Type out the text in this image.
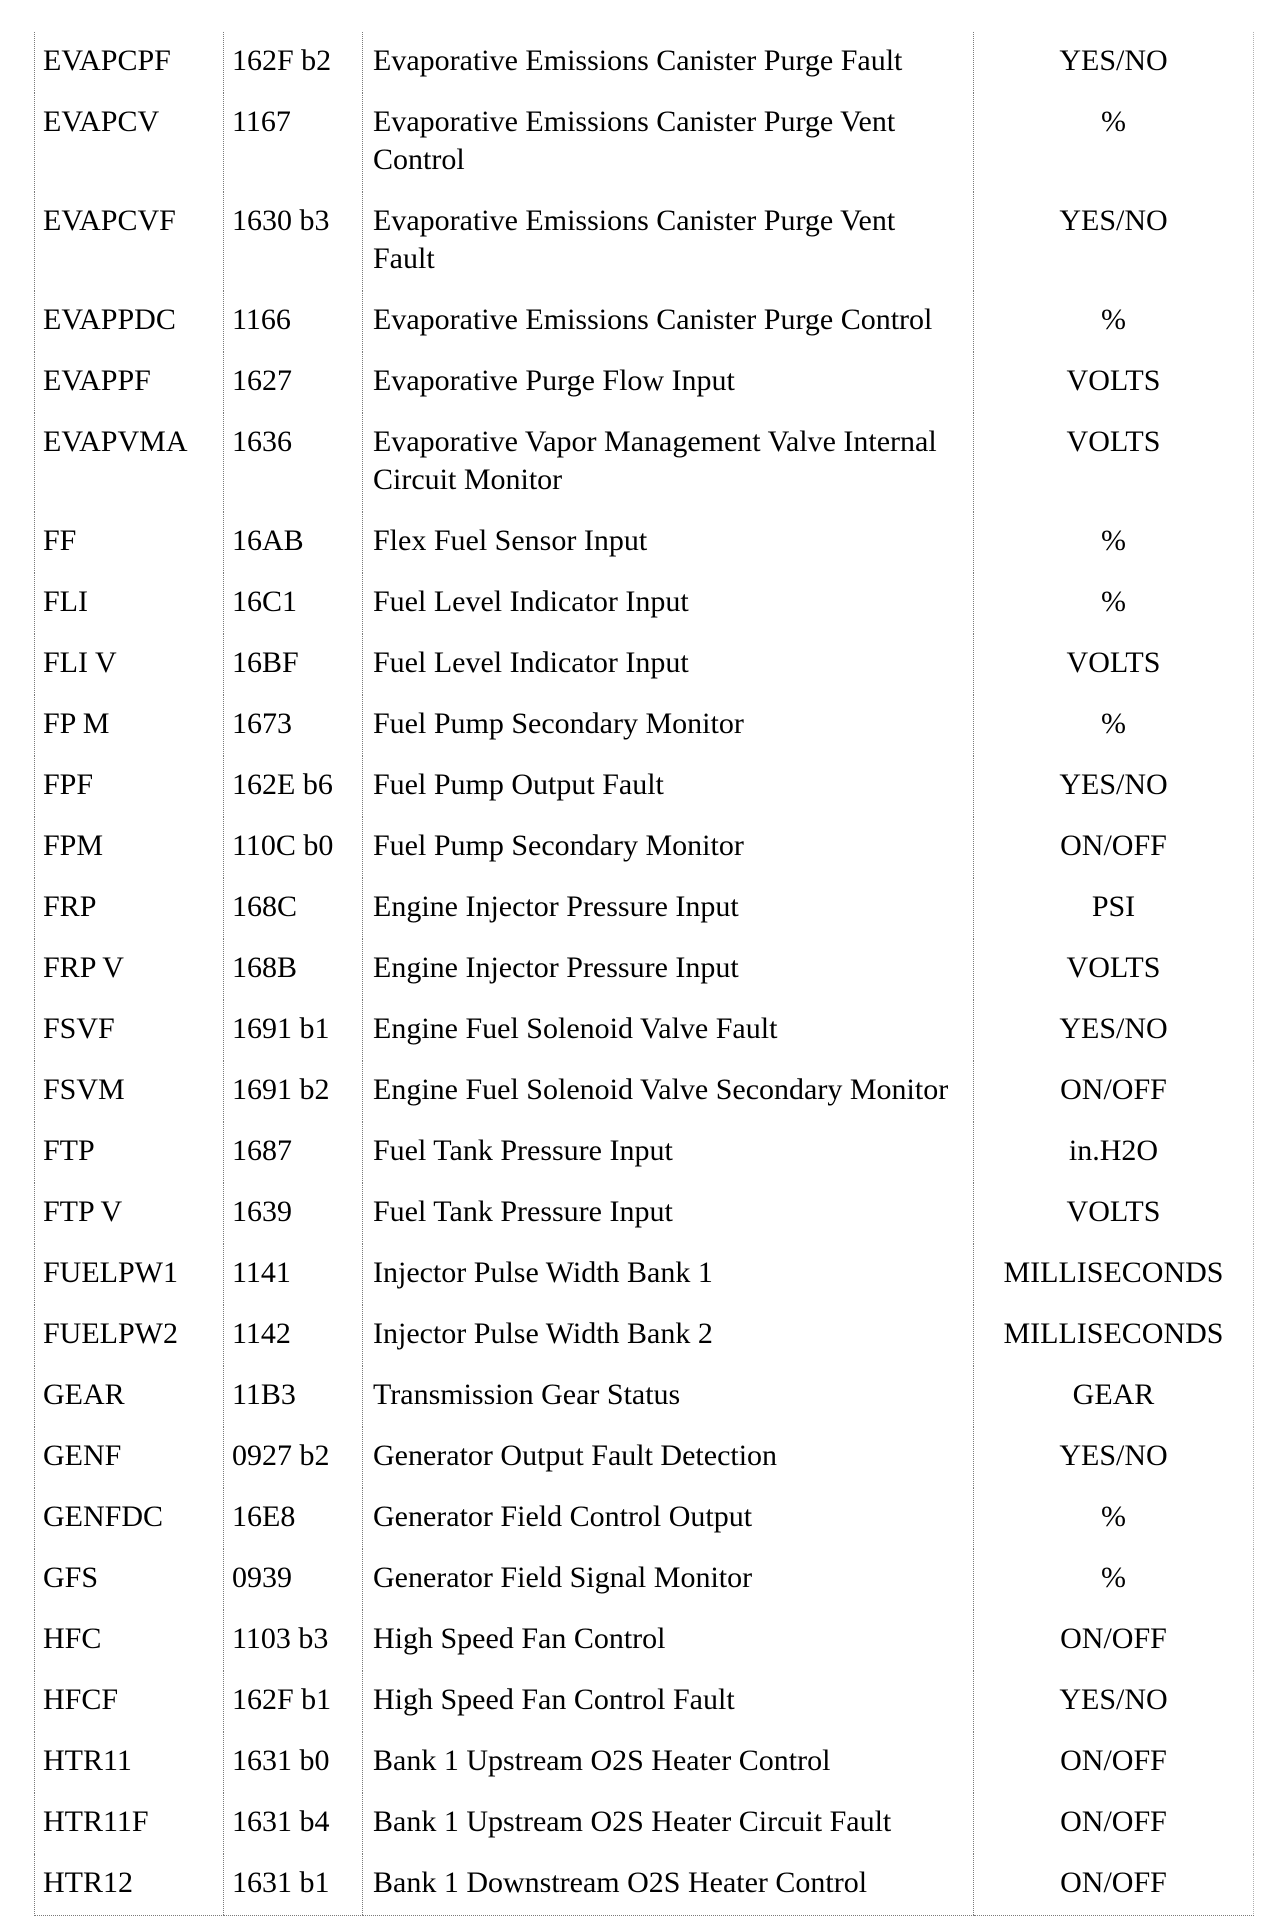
EVAPCPF	162F b2	Evaporative Emissions Canister Purge Fault	YES/NO
EVAPCV	1167	Evaporative Emissions Canister Purge Vent Control	%
EVAPCVF	1630 b3	Evaporative Emissions Canister Purge Vent Fault	YES/NO
EVAPPDC	1166	Evaporative Emissions Canister Purge Control	%
EVAPPF	1627	Evaporative Purge Flow Input	VOLTS
EVAPVMA	1636	Evaporative Vapor Management Valve Internal Circuit Monitor	VOLTS
FF	16AB	Flex Fuel Sensor Input	%
FLI	16C1	Fuel Level Indicator Input	%
FLI V	16BF	Fuel Level Indicator Input	VOLTS
FP M	1673	Fuel Pump Secondary Monitor	%
FPF	162E b6	Fuel Pump Output Fault	YES/NO
FPM	110C b0	Fuel Pump Secondary Monitor	ON/OFF
FRP	168C	Engine Injector Pressure Input	PSI
FRP V	168B	Engine Injector Pressure Input	VOLTS
FSVF	1691 b1	Engine Fuel Solenoid Valve Fault	YES/NO
FSVM	1691 b2	Engine Fuel Solenoid Valve Secondary Monitor	ON/OFF
FTP	1687	Fuel Tank Pressure Input	in.H2O
FTP V	1639	Fuel Tank Pressure Input	VOLTS
FUELPW1	1141	Injector Pulse Width Bank 1	MILLISECONDS
FUELPW2	1142	Injector Pulse Width Bank 2	MILLISECONDS
GEAR	11B3	Transmission Gear Status	GEAR
GENF	0927 b2	Generator Output Fault Detection	YES/NO
GENFDC	16E8	Generator Field Control Output	%
GFS	0939	Generator Field Signal Monitor	%
HFC	1103 b3	High Speed Fan Control	ON/OFF
HFCF	162F b1	High Speed Fan Control Fault	YES/NO
HTR11	1631 b0	Bank 1 Upstream O2S Heater Control	ON/OFF
HTR11F	1631 b4	Bank 1 Upstream O2S Heater Circuit Fault	ON/OFF
HTR12	1631 b1	Bank 1 Downstream O2S Heater Control	ON/OFF
